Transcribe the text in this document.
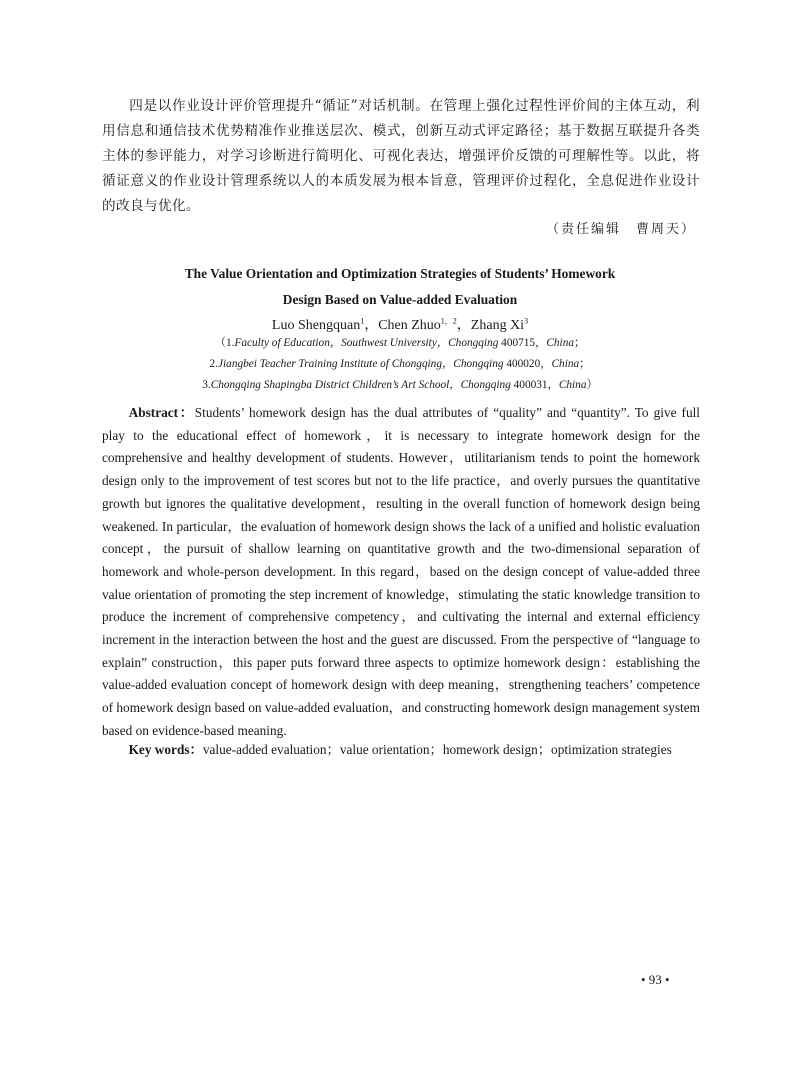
四是以作业设计评价管理提升“循证”对话机制。在管理上强化过程性评价间的主体互动，利用信息和通信技术优势精准作业推送层次、模式，创新互动式评定路径；基于数据互联提升各类主体的参评能力，对学习诊断进行简明化、可视化表达，增强评价反馈的可理解性等。以此，将循证意义的作业设计管理系统以人的本质发展为根本旨意，管理评价过程化，全息促进作业设计的改良与优化。

（责任编辑　曹周天）
The Value Orientation and Optimization Strategies of Students’ Homework
Design Based on Value-added Evaluation
Luo Shengquan$^1$，Chen Zhuo$^{1,2}$，Zhang Xi$^3$
（1.Faculty of Education，Southwest University，Chongqing 400715，China；
2.Jiangbei Teacher Training Institute of Chongqing，Chongqing 400020，China；
3.Chongqing Shapingba District Children’s Art School，Chongqing 400031，China）

Abstract：Students’ homework design has the dual attributes of “quality” and “quantity”. To give full play to the educational effect of homework，it is necessary to integrate homework design for the comprehensive and healthy development of students. However，utilitarianism tends to point the homework design only to the improvement of test scores but not to the life practice，and overly pursues the quantitative growth but ignores the qualitative development，resulting in the overall function of homework design being weakened. In particular，the evaluation of homework design shows the lack of a unified and holistic evaluation concept，the pursuit of shallow learning on quantitative growth and the two-dimensional separation of homework and whole-person development. In this regard，based on the design concept of value-added three value orientation of promoting the step increment of knowledge，stimulating the static knowledge transition to produce the increment of comprehensive competency，and cultivating the internal and external efficiency increment in the interaction between the host and the guest are discussed. From the perspective of “language to explain” construction，this paper puts forward three aspects to optimize homework design：establishing the value-added evaluation concept of homework design with deep meaning，strengthening teachers’ competence of homework design based on value-added evaluation，and constructing homework design management system based on evidence-based meaning.

Key words：value-added evaluation；value orientation；homework design；optimization strategies

• 93 •
